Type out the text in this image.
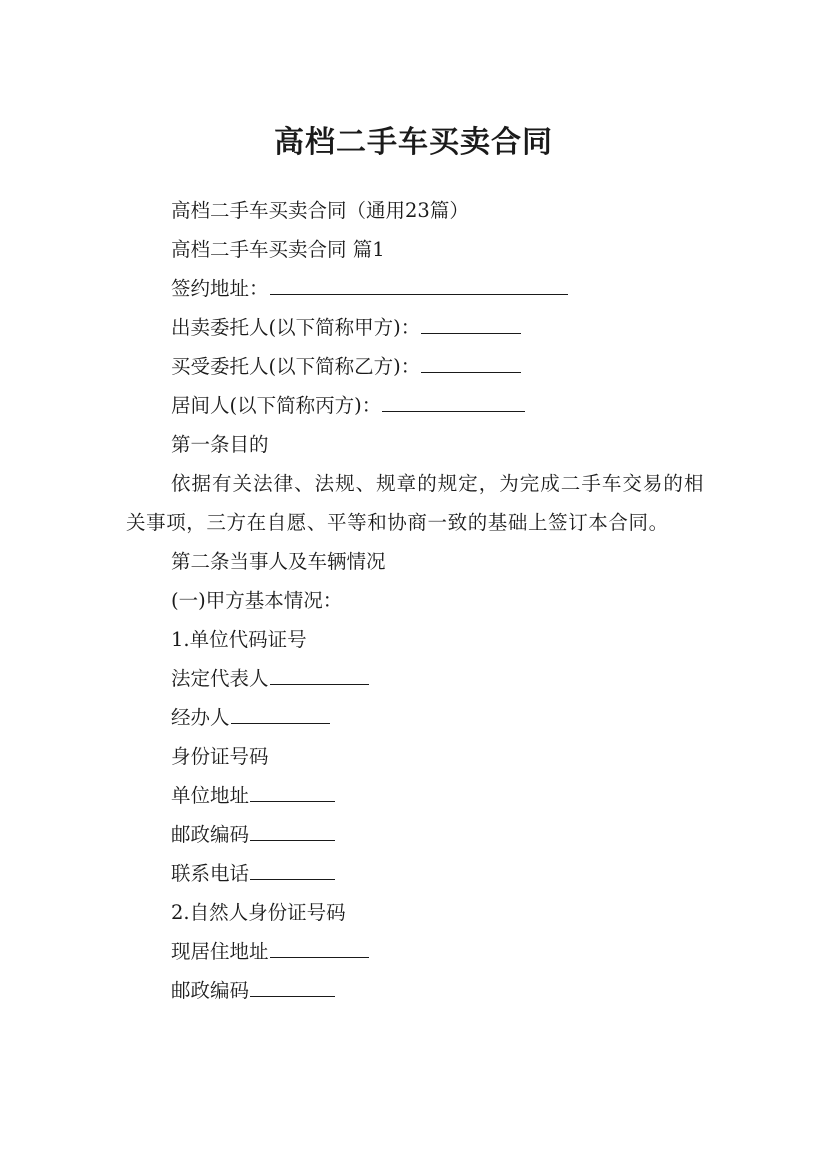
高档二手车买卖合同

高档二手车买卖合同（通用23篇）

高档二手车买卖合同 篇1

签约地址：

出卖委托人(以下简称甲方)：

买受委托人(以下简称乙方)：

居间人(以下简称丙方)：

第一条目的

依据有关法律、法规、规章的规定，为完成二手车交易的相关事项，三方在自愿、平等和协商一致的基础上签订本合同。

第二条当事人及车辆情况

(一)甲方基本情况：

1.单位代码证号

法定代表人

经办人

身份证号码

单位地址

邮政编码

联系电话

2.自然人身份证号码

现居住地址

邮政编码
